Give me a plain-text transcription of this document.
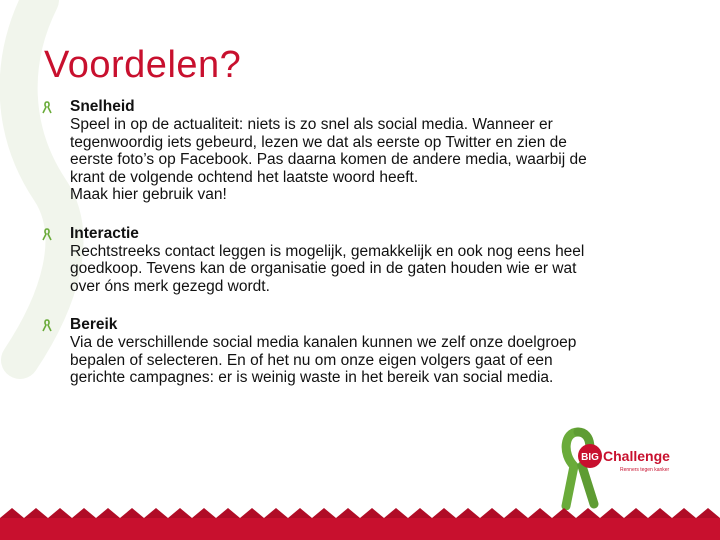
Voordelen?
Snelheid
Speel in op de actualiteit: niets is zo snel als social media. Wanneer er
tegenwoordig iets gebeurd, lezen we dat als eerste op Twitter en zien de
eerste foto’s op Facebook. Pas daarna komen de andere media, waarbij de
krant de volgende ochtend het laatste woord heeft.
Maak hier gebruik van!
Interactie
Rechtstreeks contact leggen is mogelijk, gemakkelijk en ook nog eens heel
goedkoop. Tevens kan de organisatie goed in de gaten houden wie er wat
over óns merk gezegd wordt.
Bereik
Via de verschillende social media kanalen kunnen we zelf onze doelgroep
bepalen of selecteren. En of het nu om onze eigen volgers gaat of een
gerichte campagnes: er is weinig waste in het bereik van social media.
BIG Challenge
Renners tegen kanker
